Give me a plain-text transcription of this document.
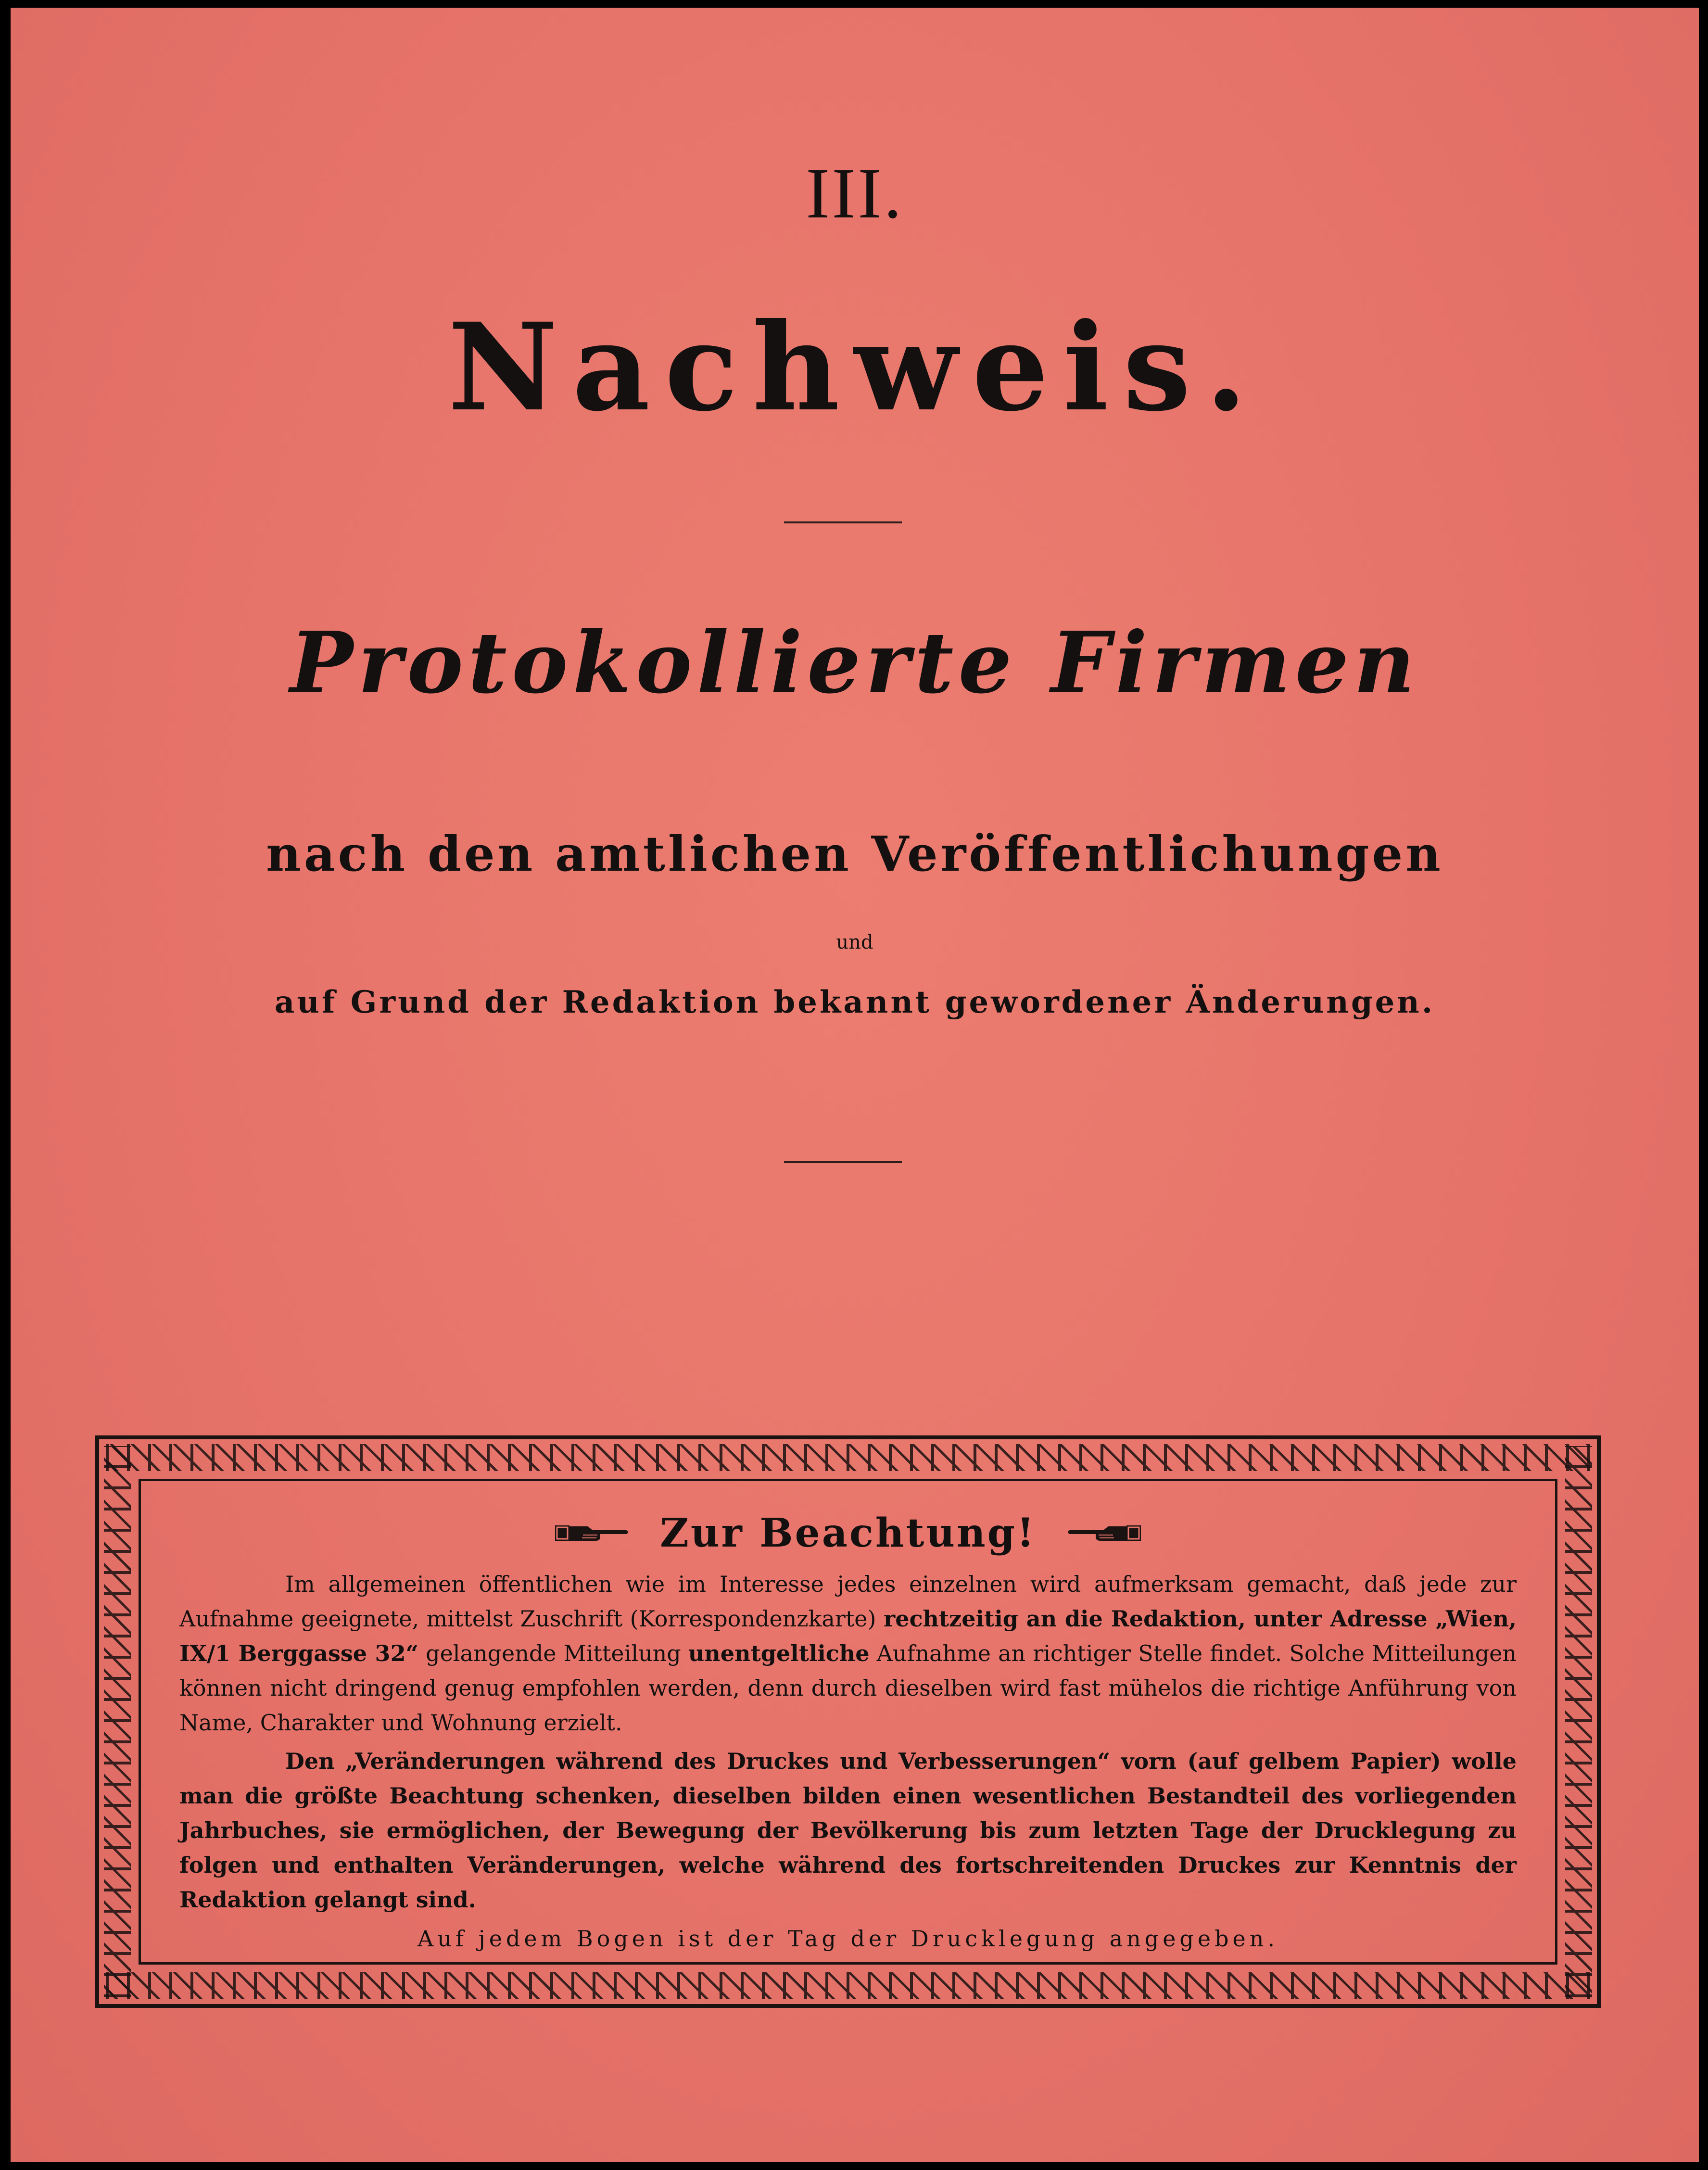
III.
Nachweis.
Protokollierte Firmen

nach den amtlichen Veröffentlichungen

und

auf Grund der Redaktion bekannt gewordener Änderungen.

Zur Beachtung!

Im allgemeinen öffentlichen wie im Interesse jedes einzelnen wird aufmerksam gemacht, daß jede zur Aufnahme geeignete, mittelst Zuschrift (Korrespondenzkarte) rechtzeitig an die Redaktion, unter Adresse „Wien, IX/1 Berggasse 32“ gelangende Mitteilung unentgeltliche Aufnahme an richtiger Stelle findet. Solche Mitteilungen können nicht dringend genug empfohlen werden, denn durch dieselben wird fast mühelos die richtige Anführung von Name, Charakter und Wohnung erzielt.

Den „Veränderungen während des Druckes und Verbesserungen“ vorn (auf gelbem Papier) wolle man die größte Beachtung schenken, dieselben bilden einen wesentlichen Bestandteil des vorliegenden Jahrbuches, sie ermöglichen, der Bewegung der Bevölkerung bis zum letzten Tage der Drucklegung zu folgen und enthalten Veränderungen, welche während des fortschreitenden Druckes zur Kenntnis der Redaktion gelangt sind.

Auf jedem Bogen ist der Tag der Drucklegung angegeben.
